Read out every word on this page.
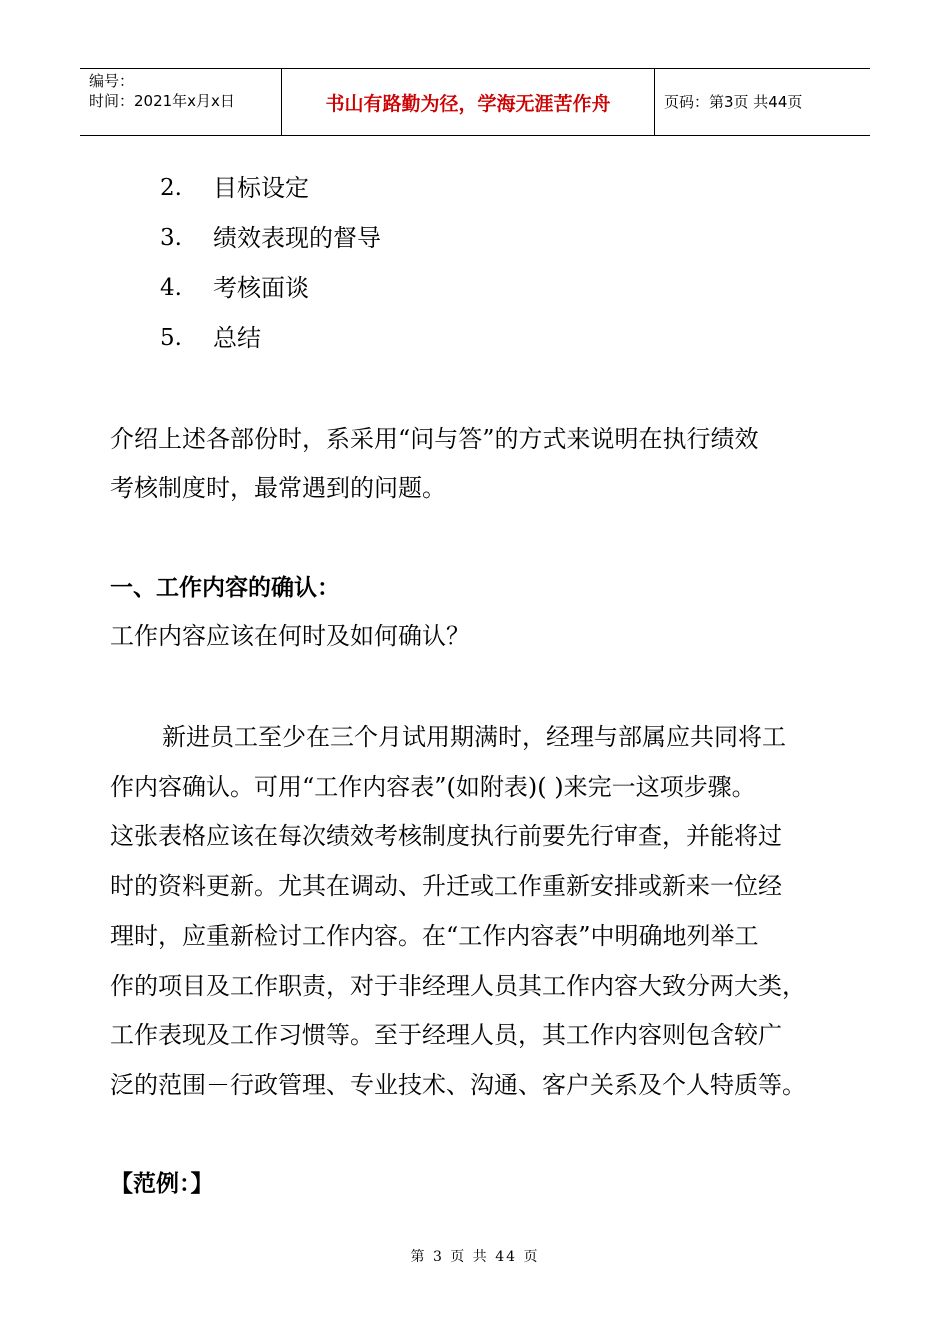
编号：
时间：2021年x月x日	书山有路勤为径，学海无涯苦作舟	页码：第3页 共44页
2. 目标设定
3. 绩效表现的督导
4. 考核面谈
5. 总结
介绍上述各部份时，系采用“问与答”的方式来说明在执行绩效
考核制度时，最常遇到的问题。
一、工作内容的确认：
工作内容应该在何时及如何确认？
新进员工至少在三个月试用期满时，经理与部属应共同将工
作内容确认。可用“工作内容表”(如附表)( )来完一这项步骤。
这张表格应该在每次绩效考核制度执行前要先行审查，并能将过
时的资料更新。尤其在调动、升迁或工作重新安排或新来一位经
理时，应重新检讨工作内容。在“工作内容表”中明确地列举工
作的项目及工作职责，对于非经理人员其工作内容大致分两大类，
工作表现及工作习惯等。至于经理人员，其工作内容则包含较广
泛的范围－行政管理、专业技术、沟通、客户关系及个人特质等。
【范例：】
第 3 页 共 44 页
